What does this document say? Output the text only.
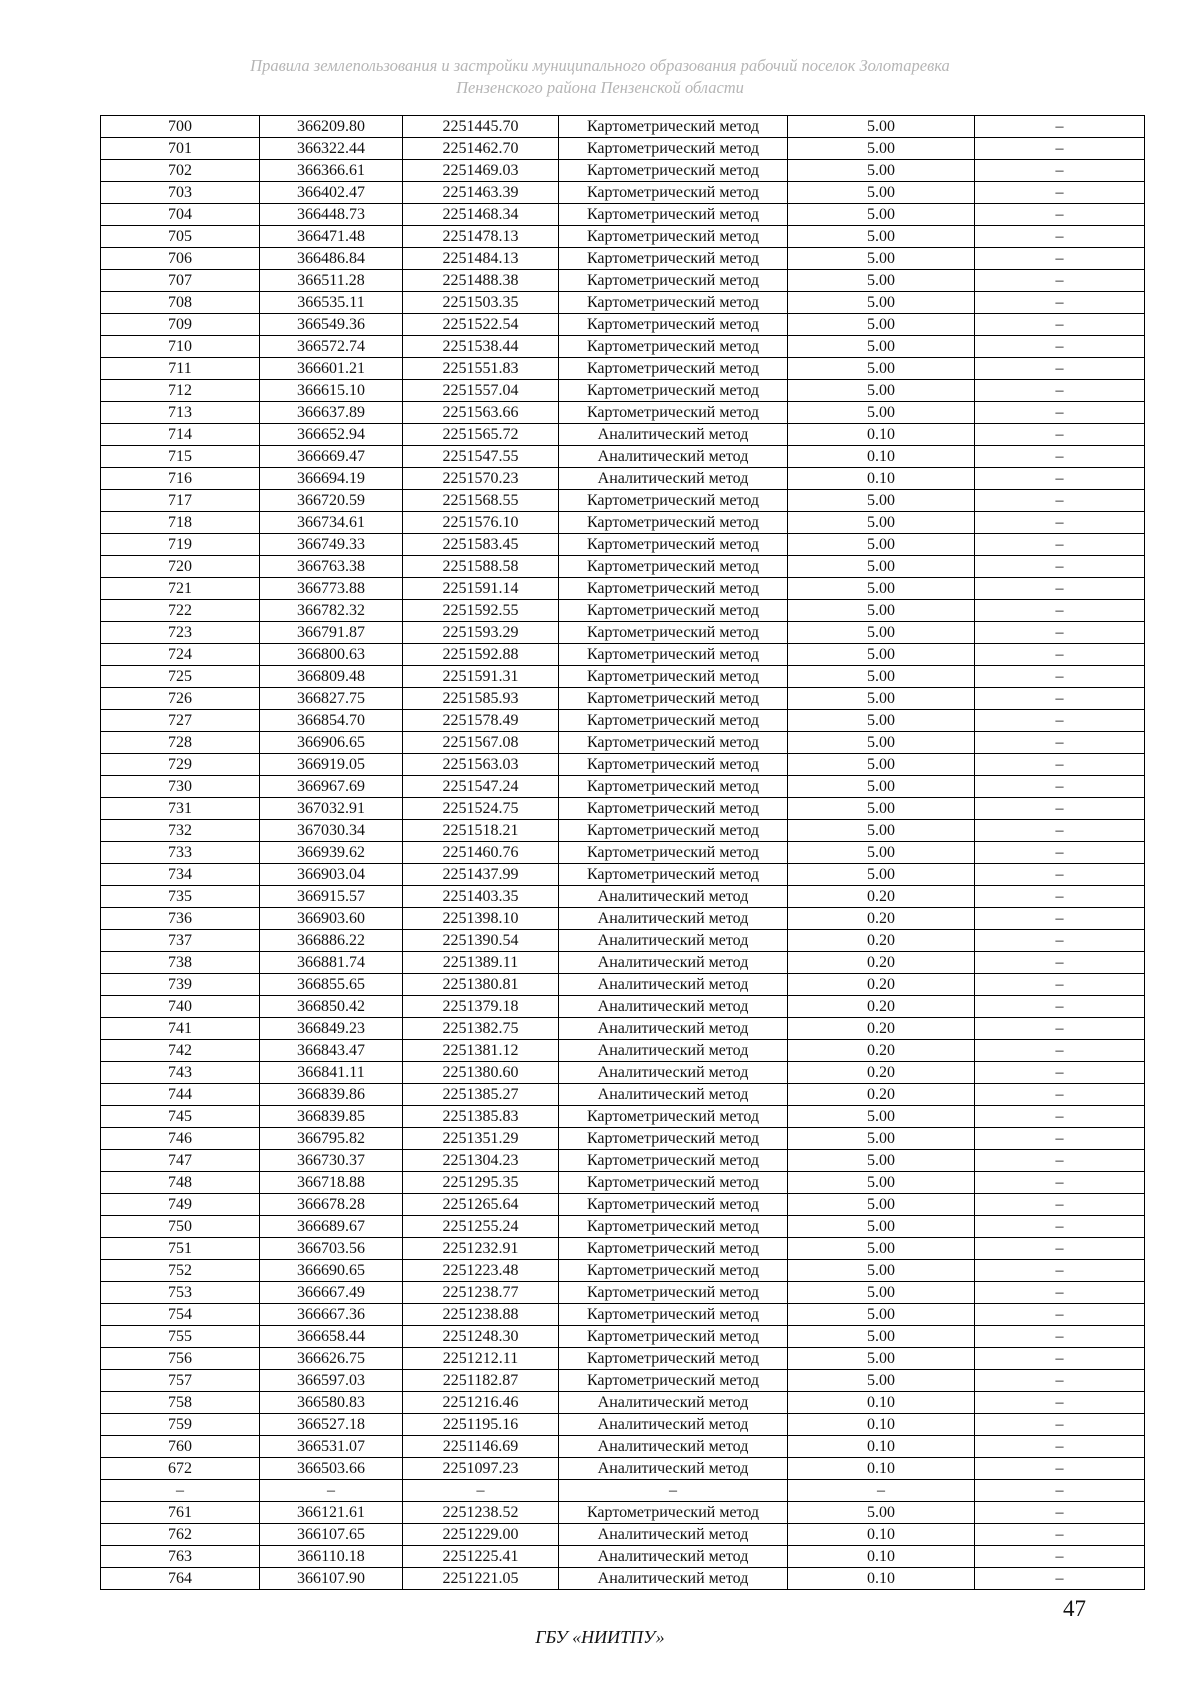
Правила землепользования и застройки муниципального образования рабочий поселок Золотаревка
Пензенского района Пензенской области
700	366209.80	2251445.70	Картометрический метод	5.00	–
701	366322.44	2251462.70	Картометрический метод	5.00	–
702	366366.61	2251469.03	Картометрический метод	5.00	–
703	366402.47	2251463.39	Картометрический метод	5.00	–
704	366448.73	2251468.34	Картометрический метод	5.00	–
705	366471.48	2251478.13	Картометрический метод	5.00	–
706	366486.84	2251484.13	Картометрический метод	5.00	–
707	366511.28	2251488.38	Картометрический метод	5.00	–
708	366535.11	2251503.35	Картометрический метод	5.00	–
709	366549.36	2251522.54	Картометрический метод	5.00	–
710	366572.74	2251538.44	Картометрический метод	5.00	–
711	366601.21	2251551.83	Картометрический метод	5.00	–
712	366615.10	2251557.04	Картометрический метод	5.00	–
713	366637.89	2251563.66	Картометрический метод	5.00	–
714	366652.94	2251565.72	Аналитический метод	0.10	–
715	366669.47	2251547.55	Аналитический метод	0.10	–
716	366694.19	2251570.23	Аналитический метод	0.10	–
717	366720.59	2251568.55	Картометрический метод	5.00	–
718	366734.61	2251576.10	Картометрический метод	5.00	–
719	366749.33	2251583.45	Картометрический метод	5.00	–
720	366763.38	2251588.58	Картометрический метод	5.00	–
721	366773.88	2251591.14	Картометрический метод	5.00	–
722	366782.32	2251592.55	Картометрический метод	5.00	–
723	366791.87	2251593.29	Картометрический метод	5.00	–
724	366800.63	2251592.88	Картометрический метод	5.00	–
725	366809.48	2251591.31	Картометрический метод	5.00	–
726	366827.75	2251585.93	Картометрический метод	5.00	–
727	366854.70	2251578.49	Картометрический метод	5.00	–
728	366906.65	2251567.08	Картометрический метод	5.00	–
729	366919.05	2251563.03	Картометрический метод	5.00	–
730	366967.69	2251547.24	Картометрический метод	5.00	–
731	367032.91	2251524.75	Картометрический метод	5.00	–
732	367030.34	2251518.21	Картометрический метод	5.00	–
733	366939.62	2251460.76	Картометрический метод	5.00	–
734	366903.04	2251437.99	Картометрический метод	5.00	–
735	366915.57	2251403.35	Аналитический метод	0.20	–
736	366903.60	2251398.10	Аналитический метод	0.20	–
737	366886.22	2251390.54	Аналитический метод	0.20	–
738	366881.74	2251389.11	Аналитический метод	0.20	–
739	366855.65	2251380.81	Аналитический метод	0.20	–
740	366850.42	2251379.18	Аналитический метод	0.20	–
741	366849.23	2251382.75	Аналитический метод	0.20	–
742	366843.47	2251381.12	Аналитический метод	0.20	–
743	366841.11	2251380.60	Аналитический метод	0.20	–
744	366839.86	2251385.27	Аналитический метод	0.20	–
745	366839.85	2251385.83	Картометрический метод	5.00	–
746	366795.82	2251351.29	Картометрический метод	5.00	–
747	366730.37	2251304.23	Картометрический метод	5.00	–
748	366718.88	2251295.35	Картометрический метод	5.00	–
749	366678.28	2251265.64	Картометрический метод	5.00	–
750	366689.67	2251255.24	Картометрический метод	5.00	–
751	366703.56	2251232.91	Картометрический метод	5.00	–
752	366690.65	2251223.48	Картометрический метод	5.00	–
753	366667.49	2251238.77	Картометрический метод	5.00	–
754	366667.36	2251238.88	Картометрический метод	5.00	–
755	366658.44	2251248.30	Картометрический метод	5.00	–
756	366626.75	2251212.11	Картометрический метод	5.00	–
757	366597.03	2251182.87	Картометрический метод	5.00	–
758	366580.83	2251216.46	Аналитический метод	0.10	–
759	366527.18	2251195.16	Аналитический метод	0.10	–
760	366531.07	2251146.69	Аналитический метод	0.10	–
672	366503.66	2251097.23	Аналитический метод	0.10	–
–	–	–	–	–	–
761	366121.61	2251238.52	Картометрический метод	5.00	–
762	366107.65	2251229.00	Аналитический метод	0.10	–
763	366110.18	2251225.41	Аналитический метод	0.10	–
764	366107.90	2251221.05	Аналитический метод	0.10	–
47
ГБУ «НИИТПУ»
